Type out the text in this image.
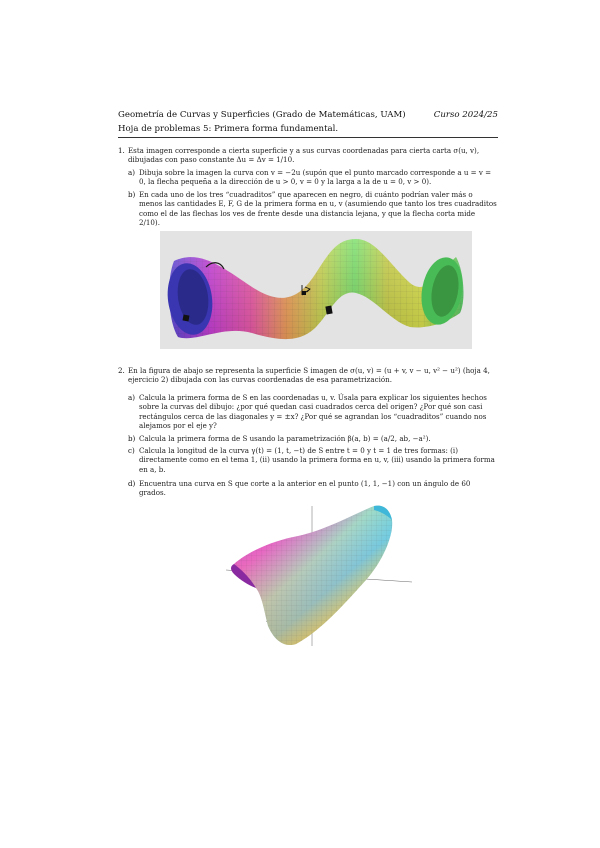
Geometría de Curvas y Superficies (Grado de Matemáticas, UAM)	Curso 2024/25
Hoja de problemas 5: Primera forma fundamental.
1. Esta imagen corresponde a cierta superficie y a sus curvas coordenadas para cierta carta σ(u, v), dibujadas con paso constante Δu = Δv = 1/10.
a) Dibuja sobre la imagen la curva con v = −2u (supón que el punto marcado corresponde a u = v = 0, la flecha pequeña a la dirección de u > 0, v = 0 y la larga a la de u = 0, v > 0).
b) En cada uno de los tres “cuadraditos” que aparecen en negro, di cuánto podrían valer más o menos las cantidades E, F, G de la primera forma en u, v (asumiendo que tanto los tres cuadraditos como el de las flechas los ves de frente desde una distancia lejana, y que la flecha corta mide 2/10).
2. En la figura de abajo se representa la superficie S imagen de σ(u, v) = (u + v, v − u, v² − u²) (hoja 4, ejercicio 2) dibujada con las curvas coordenadas de esa parametrización.
a) Calcula la primera forma de S en las coordenadas u, v. Úsala para explicar los siguientes hechos sobre la curvas del dibujo: ¿por qué quedan casi cuadrados cerca del origen? ¿Por qué son casi rectángulos cerca de las diagonales y = ±x? ¿Por qué se agrandan los “cuadraditos” cuando nos alejamos por el eje y?
b) Calcula la primera forma de S usando la parametrización β(a, b) = (a/2, ab, −a²).
c) Calcula la longitud de la curva γ(t) = (1, t, −t) de S entre t = 0 y t = 1 de tres formas: (i) directamente como en el tema 1, (ii) usando la primera forma en u, v, (iii) usando la primera forma en a, b.
d) Encuentra una curva en S que corte a la anterior en el punto (1, 1, −1) con un ángulo de 60 grados.
